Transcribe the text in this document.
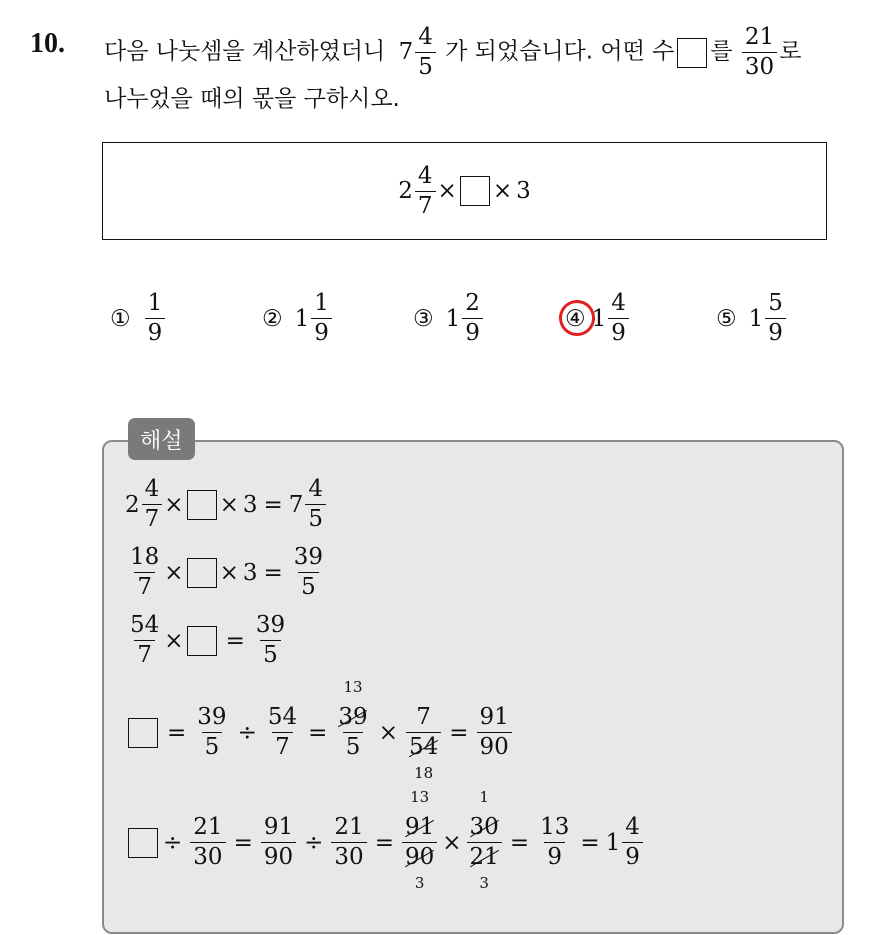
10. 다음 나눗셈을 계산하였더니 $7 \frac{4}{5}$ 가 되었습니다. 어떤 수 를 $\frac{21}{30}$ 로
나누었을 때의 몫을 구하시오.
$2 \frac{4}{7}$ × × 3
① $\frac{1}{9}$	② $1 \frac{1}{9}$	③ $1 \frac{2}{9}$	④ $1 \frac{4}{9}$	⑤ $1 \frac{5}{9}$
해설
$2 \frac{4}{7}$ × × $3 = 7 \frac{4}{5}$
$\frac{18}{7}$ × × $3 = \frac{39}{5}$
$\frac{54}{7}$ × = $\frac{39}{5}$
= $\frac{39}{5} \div \frac{54}{7}$ =
13
39
5
×
7
54
18
= $\frac{91}{90}$
÷ $\frac{21}{30} = \frac{91}{90} \div \frac{21}{30}$ =
13
91
90
3
×
1
30
21
3
= $\frac{13}{9} = 1 \frac{4}{9}$
